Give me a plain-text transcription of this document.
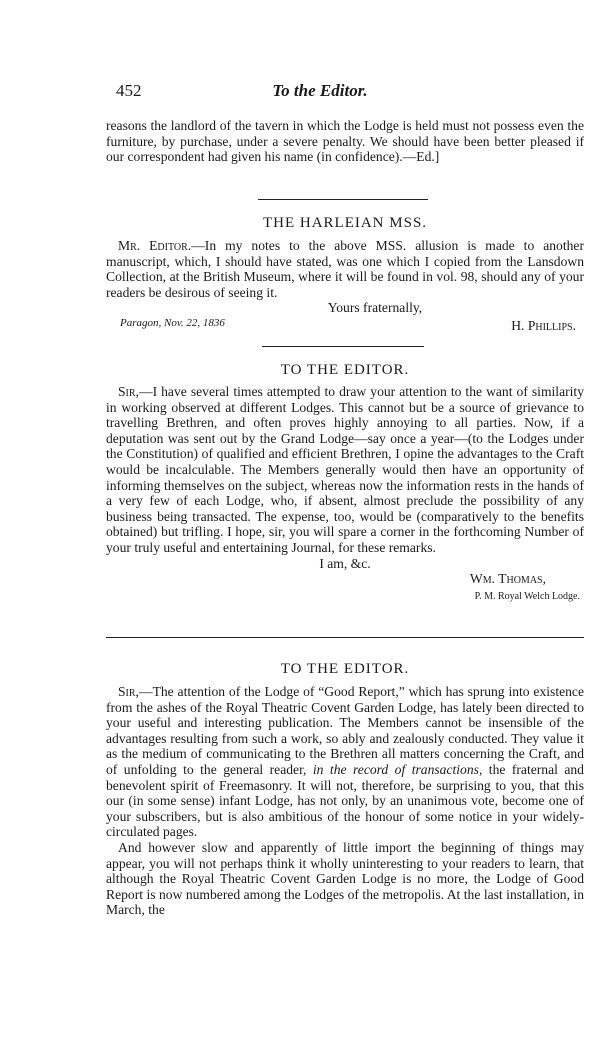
452	To the Editor.

reasons the landlord of the tavern in which the Lodge is held must not possess even the furniture, by purchase, under a severe penalty. We should have been better pleased if our correspondent had given his name (in confidence).—Ed.]

THE HARLEIAN MSS.

Mr. Editor.—In my notes to the above MSS. allusion is made to another manuscript, which, I should have stated, was one which I copied from the Lansdown Collection, at the British Museum, where it will be found in vol. 98, should any of your readers be desirous of seeing it.

Yours fraternally,

Paragon, Nov. 22, 1836	H. Phillips.
TO THE EDITOR.

Sir,—I have several times attempted to draw your attention to the want of similarity in working observed at different Lodges. This cannot but be a source of grievance to travelling Brethren, and often proves highly annoying to all parties. Now, if a deputation was sent out by the Grand Lodge—say once a year—(to the Lodges under the Constitution) of qualified and efficient Brethren, I opine the advantages to the Craft would be incalculable. The Members generally would then have an opportunity of informing themselves on the subject, whereas now the information rests in the hands of a very few of each Lodge, who, if absent, almost preclude the possibility of any business being transacted. The expense, too, would be (comparatively to the benefits obtained) but trifling. I hope, sir, you will spare a corner in the forthcoming Number of your truly useful and entertaining Journal, for these remarks.

I am, &c.

Wm. Thomas,

P. M. Royal Welch Lodge.

TO THE EDITOR.

Sir,—The attention of the Lodge of “Good Report,” which has sprung into existence from the ashes of the Royal Theatric Covent Garden Lodge, has lately been directed to your useful and interesting publication. The Members cannot be insensible of the advantages resulting from such a work, so ably and zealously conducted. They value it as the medium of communicating to the Brethren all matters concerning the Craft, and of unfolding to the general reader, in the record of transactions, the fraternal and benevolent spirit of Freemasonry. It will not, therefore, be surprising to you, that this our (in some sense) infant Lodge, has not only, by an unanimous vote, become one of your subscribers, but is also ambitious of the honour of some notice in your widely-circulated pages.

And however slow and apparently of little import the beginning of things may appear, you will not perhaps think it wholly uninteresting to your readers to learn, that although the Royal Theatric Covent Garden Lodge is no more, the Lodge of Good Report is now numbered among the Lodges of the metropolis. At the last installation, in March, the
